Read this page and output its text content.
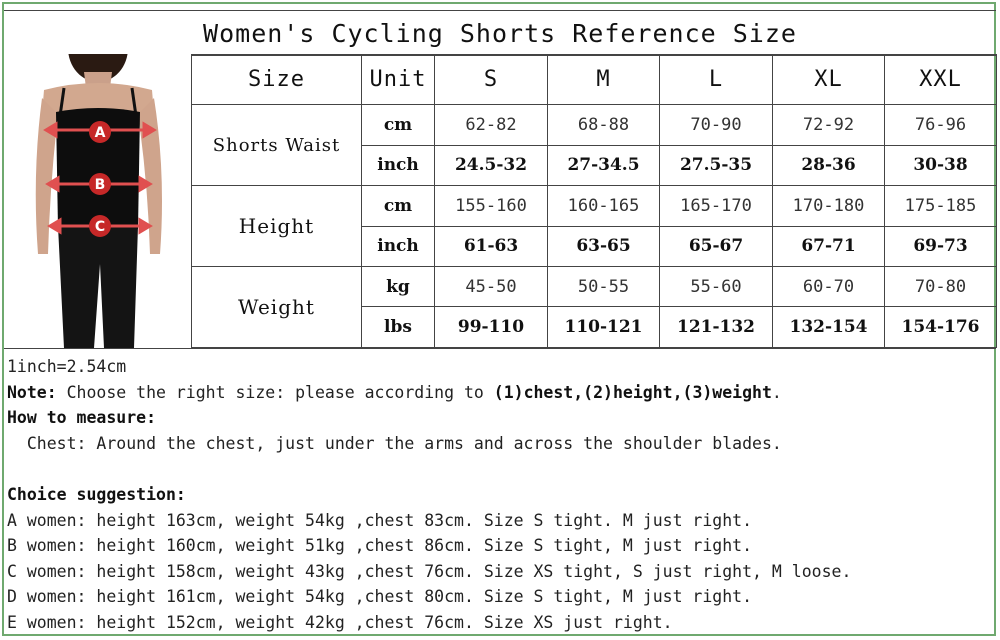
Women's Cycling Shorts Reference Size
A
B
C
Size	Unit	S	M	L	XL	XXL
Shorts Waist	cm	62-82	68-88	70-90	72-92	76-96
	inch	24.5-32	27-34.5	27.5-35	28-36	30-38
Height	cm	155-160	160-165	165-170	170-180	175-185
	inch	61-63	63-65	65-67	67-71	69-73
Weight	kg	45-50	50-55	55-60	60-70	70-80
	lbs	99-110	110-121	121-132	132-154	154-176
1inch=2.54cm
Note: Choose the right size: please according to (1)chest,(2)height,(3)weight.
How to measure:
Chest: Around the chest, just under the arms and across the shoulder blades.
Choice suggestion:
A women: height 163cm, weight 54kg ,chest 83cm. Size S tight. M just right.
B women: height 160cm, weight 51kg ,chest 86cm. Size S tight, M just right.
C women: height 158cm, weight 43kg ,chest 76cm. Size XS tight, S just right, M loose.
D women: height 161cm, weight 54kg ,chest 80cm. Size S tight, M just right.
E women: height 152cm, weight 42kg ,chest 76cm. Size XS just right.
